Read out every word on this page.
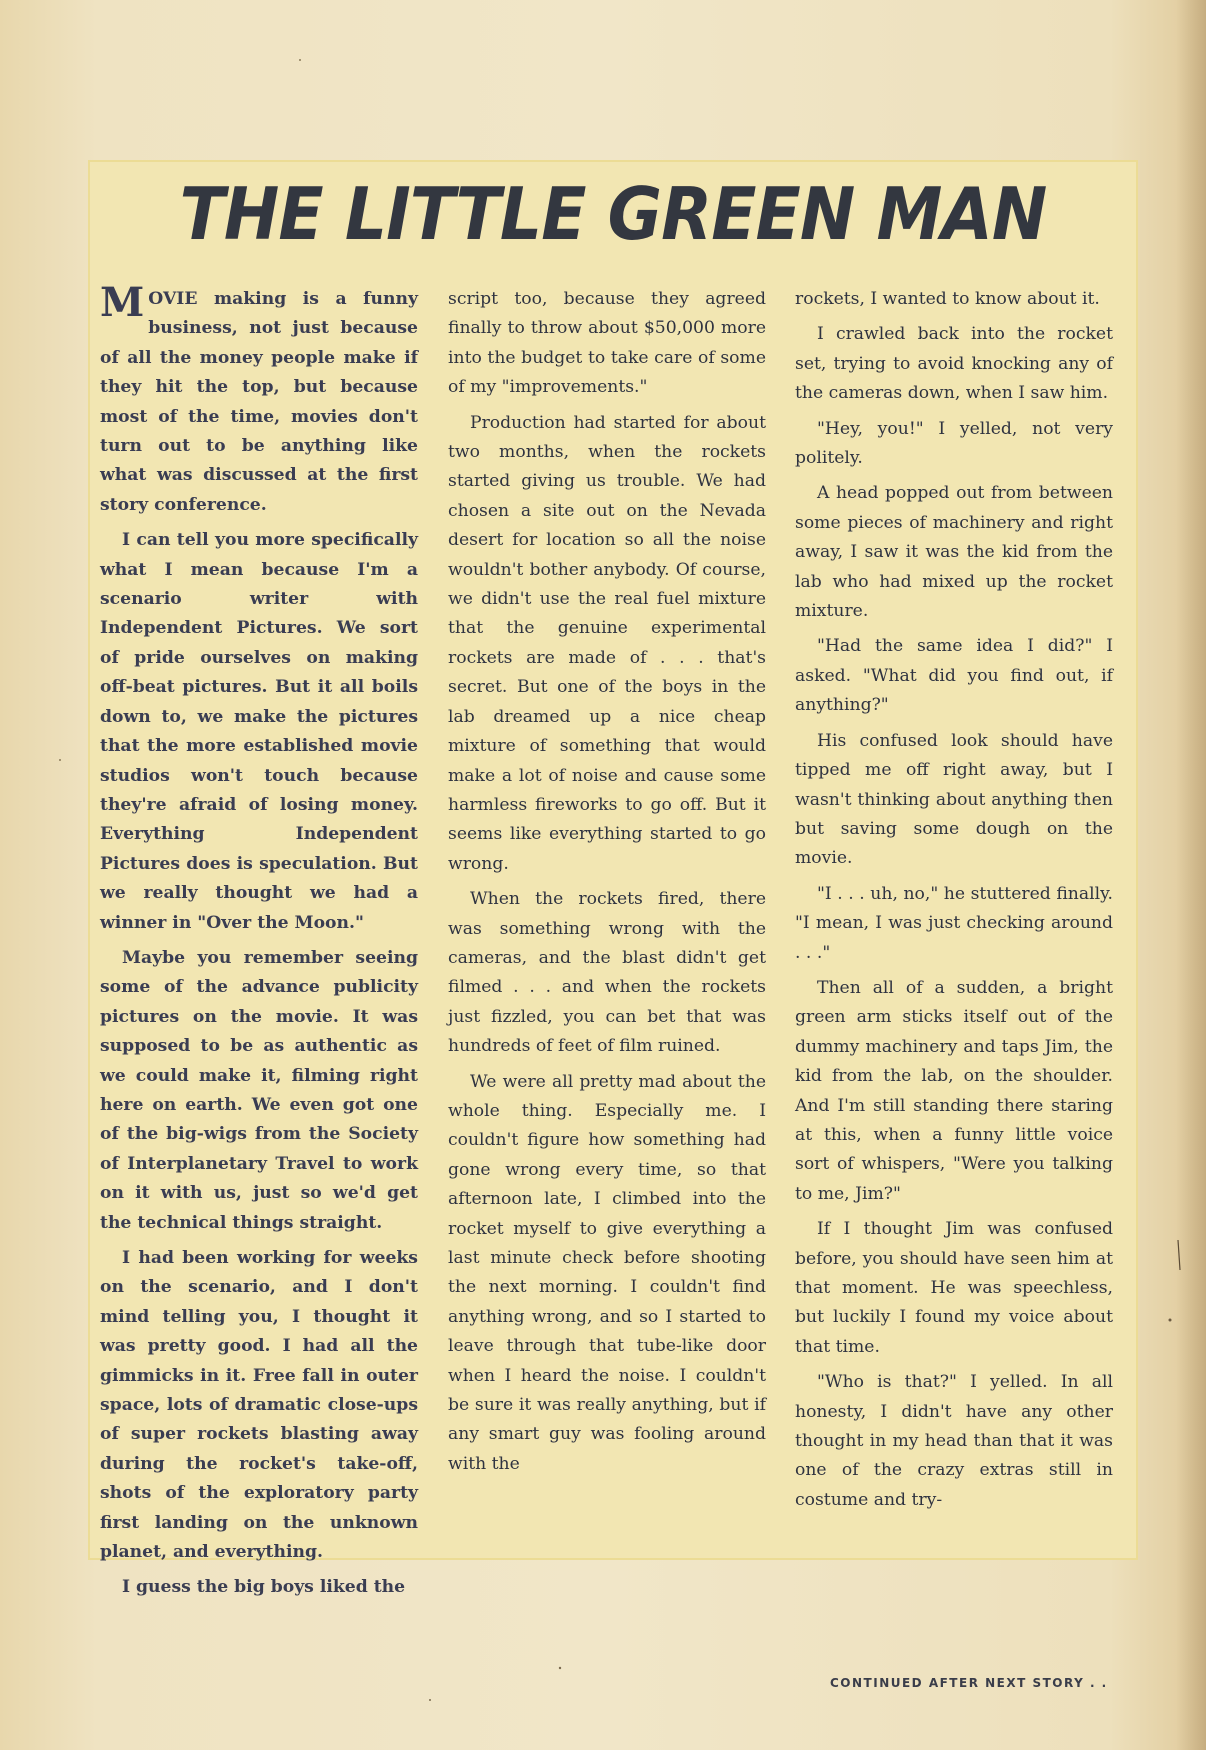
THE LITTLE GREEN MAN

MOVIE making is a funny business, not just because of all the money people make if they hit the top, but because most of the time, movies don't turn out to be anything like what was discussed at the first story conference.

I can tell you more specifically what I mean because I'm a scenario writer with Independent Pictures. We sort of pride ourselves on making off-beat pictures. But it all boils down to, we make the pictures that the more established movie studios won't touch because they're afraid of losing money. Everything Independent Pictures does is speculation. But we really thought we had a winner in "Over the Moon."

Maybe you remember seeing some of the advance publicity pictures on the movie. It was supposed to be as authentic as we could make it, filming right here on earth. We even got one of the big-wigs from the Society of Interplanetary Travel to work on it with us, just so we'd get the technical things straight.

I had been working for weeks on the scenario, and I don't mind telling you, I thought it was pretty good. I had all the gimmicks in it. Free fall in outer space, lots of dramatic close-ups of super rockets blasting away during the rocket's take-off, shots of the exploratory party first landing on the unknown planet, and everything.

I guess the big boys liked the

script too, because they agreed finally to throw about $50,000 more into the budget to take care of some of my "improvements."

Production had started for about two months, when the rockets started giving us trouble. We had chosen a site out on the Nevada desert for location so all the noise wouldn't bother anybody. Of course, we didn't use the real fuel mixture that the genuine experimental rockets are made of . . . that's secret. But one of the boys in the lab dreamed up a nice cheap mixture of something that would make a lot of noise and cause some harmless fireworks to go off. But it seems like everything started to go wrong.

When the rockets fired, there was something wrong with the cameras, and the blast didn't get filmed . . . and when the rockets just fizzled, you can bet that was hundreds of feet of film ruined.

We were all pretty mad about the whole thing. Especially me. I couldn't figure how something had gone wrong every time, so that afternoon late, I climbed into the rocket myself to give everything a last minute check before shooting the next morning. I couldn't find anything wrong, and so I started to leave through that tube-like door when I heard the noise. I couldn't be sure it was really anything, but if any smart guy was fooling around with the

rockets, I wanted to know about it.

I crawled back into the rocket set, trying to avoid knocking any of the cameras down, when I saw him.

"Hey, you!" I yelled, not very politely.

A head popped out from between some pieces of machinery and right away, I saw it was the kid from the lab who had mixed up the rocket mixture.

"Had the same idea I did?" I asked. "What did you find out, if anything?"

His confused look should have tipped me off right away, but I wasn't thinking about anything then but saving some dough on the movie.

"I . . . uh, no," he stuttered finally. "I mean, I was just checking around . . ."

Then all of a sudden, a bright green arm sticks itself out of the dummy machinery and taps Jim, the kid from the lab, on the shoulder. And I'm still standing there staring at this, when a funny little voice sort of whispers, "Were you talking to me, Jim?"

If I thought Jim was confused before, you should have seen him at that moment. He was speechless, but luckily I found my voice about that time.

"Who is that?" I yelled. In all honesty, I didn't have any other thought in my head than that it was one of the crazy extras still in costume and try-

CONTINUED AFTER NEXT STORY . .
